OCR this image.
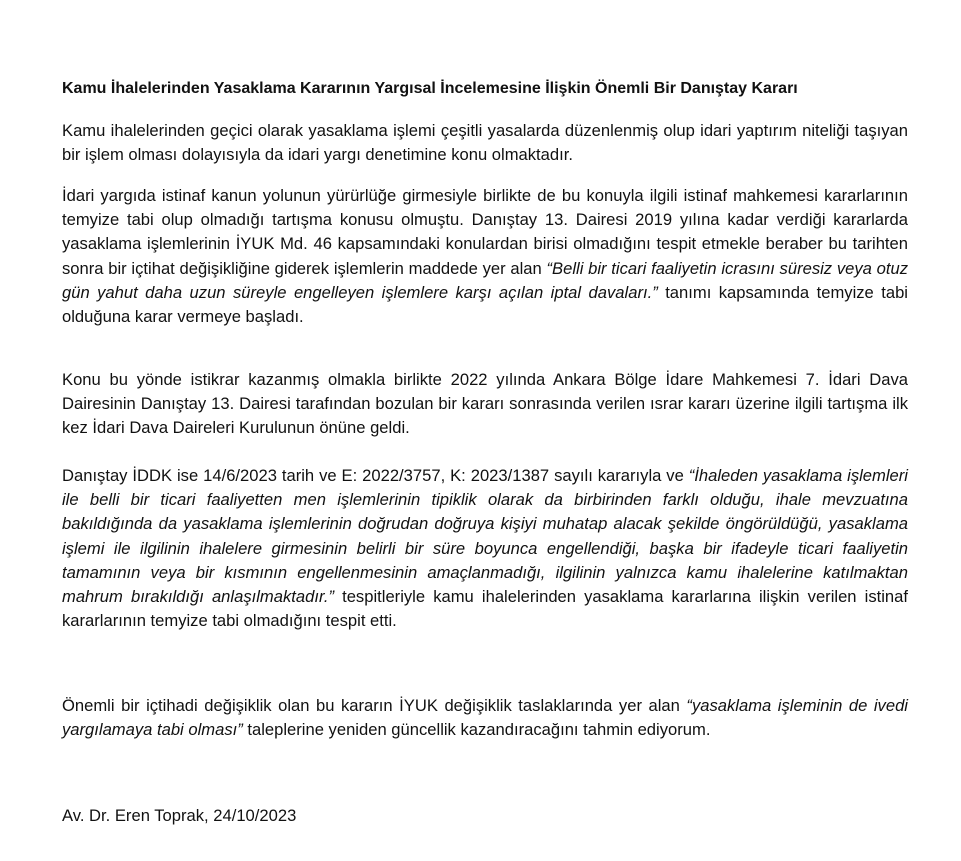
Kamu İhalelerinden Yasaklama Kararının Yargısal İncelemesine İlişkin Önemli Bir Danıştay Kararı

Kamu ihalelerinden geçici olarak yasaklama işlemi çeşitli yasalarda düzenlenmiş olup idari yaptırım niteliği taşıyan bir işlem olması dolayısıyla da idari yargı denetimine konu olmaktadır.

İdari yargıda istinaf kanun yolunun yürürlüğe girmesiyle birlikte de bu konuyla ilgili istinaf mahkemesi kararlarının temyize tabi olup olmadığı tartışma konusu olmuştu. Danıştay 13. Dairesi 2019 yılına kadar verdiği kararlarda yasaklama işlemlerinin İYUK Md. 46 kapsamındaki konulardan birisi olmadığını tespit etmekle beraber bu tarihten sonra bir içtihat değişikliğine giderek işlemlerin maddede yer alan “Belli bir ticari faaliyetin icrasını süresiz veya otuz gün yahut daha uzun süreyle engelleyen işlemlere karşı açılan iptal davaları.” tanımı kapsamında temyize tabi olduğuna karar vermeye başladı.

Konu bu yönde istikrar kazanmış olmakla birlikte 2022 yılında Ankara Bölge İdare Mahkemesi 7. İdari Dava Dairesinin Danıştay 13. Dairesi tarafından bozulan bir kararı sonrasında verilen ısrar kararı üzerine ilgili tartışma ilk kez İdari Dava Daireleri Kurulunun önüne geldi.

Danıştay İDDK ise 14/6/2023 tarih ve E: 2022/3757, K: 2023/1387 sayılı kararıyla ve “İhaleden yasaklama işlemleri ile belli bir ticari faaliyetten men işlemlerinin tipiklik olarak da birbirinden farklı olduğu, ihale mevzuatına bakıldığında da yasaklama işlemlerinin doğrudan doğruya kişiyi muhatap alacak şekilde öngörüldüğü, yasaklama işlemi ile ilgilinin ihalelere girmesinin belirli bir süre boyunca engellendiği, başka bir ifadeyle ticari faaliyetin tamamının veya bir kısmının engellenmesinin amaçlanmadığı, ilgilinin yalnızca kamu ihalelerine katılmaktan mahrum bırakıldığı anlaşılmaktadır.” tespitleriyle kamu ihalelerinden yasaklama kararlarına ilişkin verilen istinaf kararlarının temyize tabi olmadığını tespit etti.

Önemli bir içtihadi değişiklik olan bu kararın İYUK değişiklik taslaklarında yer alan “yasaklama işleminin de ivedi yargılamaya tabi olması” taleplerine yeniden güncellik kazandıracağını tahmin ediyorum.

Av. Dr. Eren Toprak, 24/10/2023
